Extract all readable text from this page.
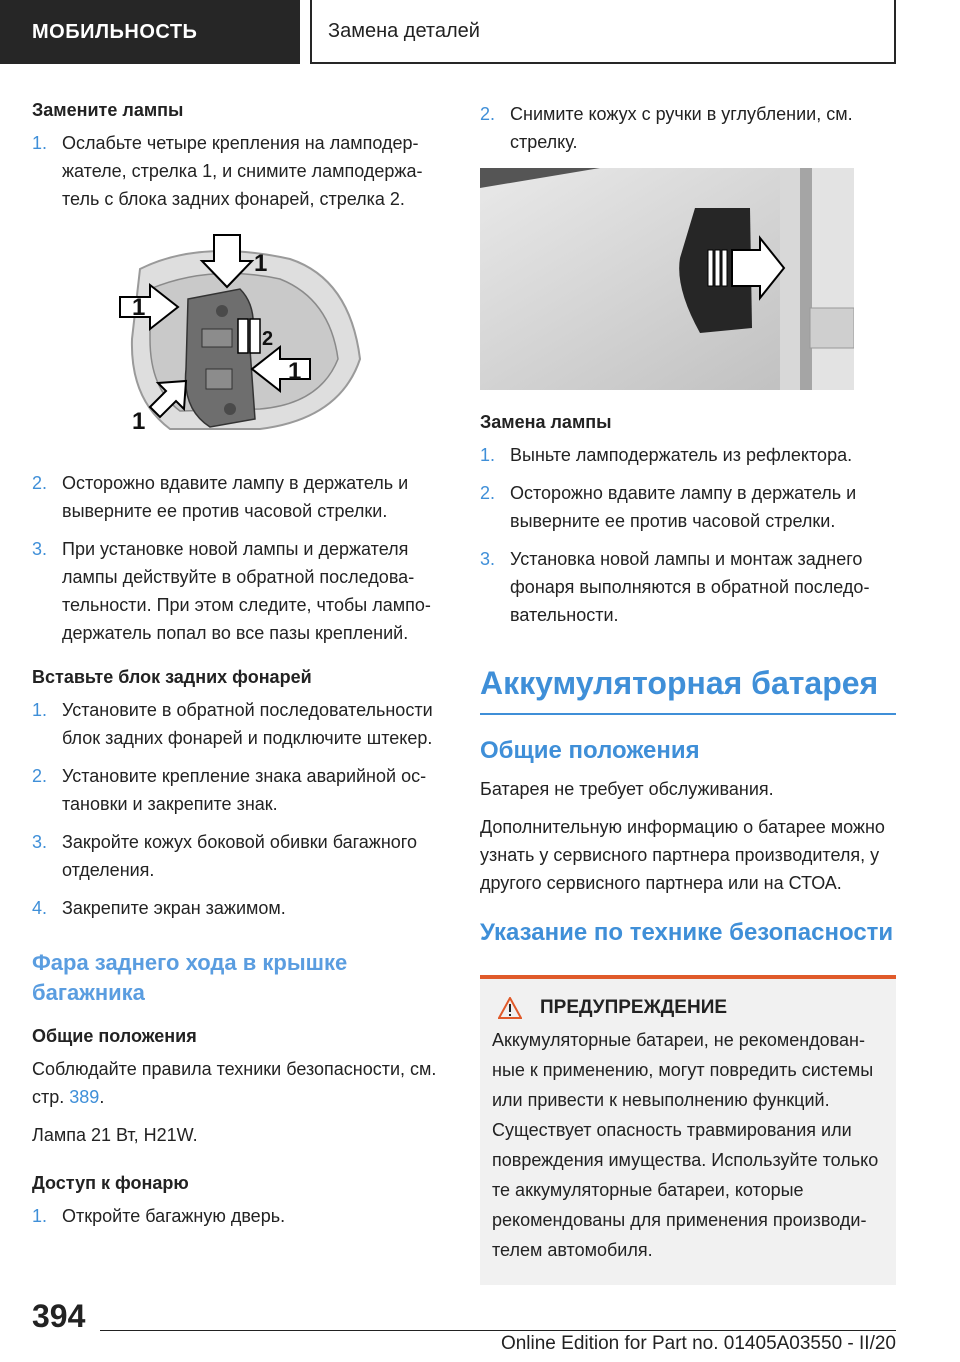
МОБИЛЬНОСТЬ	Замена деталей
Замените лампы
1. Ослабьте четыре крепления на ламподержателе, стрелка 1, и снимите ламподержатель с блока задних фонарей, стрелка 2.
1
1
2
1
1
2. Осторожно вдавите лампу в держатель и выверните ее против часовой стрелки.
3. При установке новой лампы и держателя лампы действуйте в обратной последовательности. При этом следите, чтобы ламподержатель попал во все пазы креплений.
Вставьте блок задних фонарей
1. Установите в обратной последовательности блок задних фонарей и подключите штекер.
2. Установите крепление знака аварийной остановки и закрепите знак.
3. Закройте кожух боковой обивки багажного отделения.
4. Закрепите экран зажимом.
Фара заднего хода в крышке багажника
Общие положения

Соблюдайте правила техники безопасности, см. стр. 389.

Лампа 21 Вт, H21W.

Доступ к фонарю
1. Откройте багажную дверь.
2. Снимите кожух с ручки в углублении, см. стрелку.
Замена лампы
1. Выньте ламподержатель из рефлектора.
2. Осторожно вдавите лампу в держатель и выверните ее против часовой стрелки.
3. Установка новой лампы и монтаж заднего фонаря выполняются в обратной последовательности.
Аккумуляторная батарея
Общие положения

Батарея не требует обслуживания.

Дополнительную информацию о батарее можно узнать у сервисного партнера производителя, у другого сервисного партнера или на СТОА.

Указание по технике безопасности
ПРЕДУПРЕЖДЕНИЕ

Аккумуляторные батареи, не рекомендованные к применению, могут повредить системы или привести к невыполнению функций. Существует опасность травмирования или повреждения имущества. Используйте только те аккумуляторные батареи, которые рекомендованы для применения производителем автомобиля.

394
Online Edition for Part no. 01405A03550 - II/20
